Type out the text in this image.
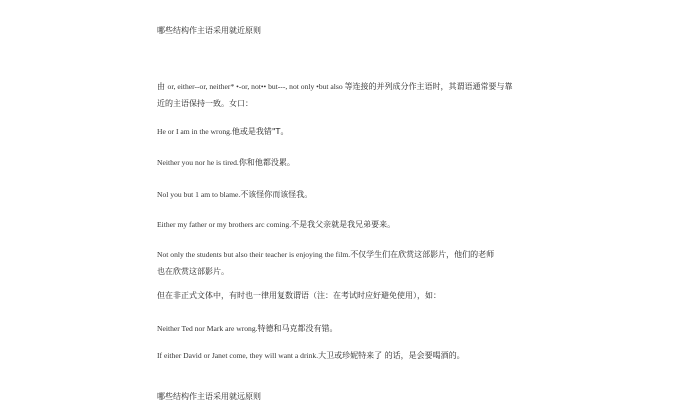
哪些结构作主语采用就近原则
由 or, either--or, neither* •-or, not•• but---, not only •but also 等连接的并列成分作主语时，其谓语通常要与靠近的主语保持一致。女口：
He or I am in the wrong.他或是我错"T。
Neither you nor he is tired.你和他都没累。
Nol you but 1 am to blame.不该怪你而该怪我。
Either my father or my brothers arc coming.不是我父亲就是我兄弟要来。
Not only the students but also their teacher is enjoying the film.不仅学生们在欣赏这部影片，他们的老师也在欣赏这部影片。
但在非正式文体中，有时也一律用复数谓语（注：在考试时应好避免使用），如：
Neither Ted nor Mark are wrong.特德和马克都没有错。
If either David or Janet come, they will want a drink.大卫或珍妮特来了 的话，是会要喝酒的。
哪些结构作主语采用就远原则
